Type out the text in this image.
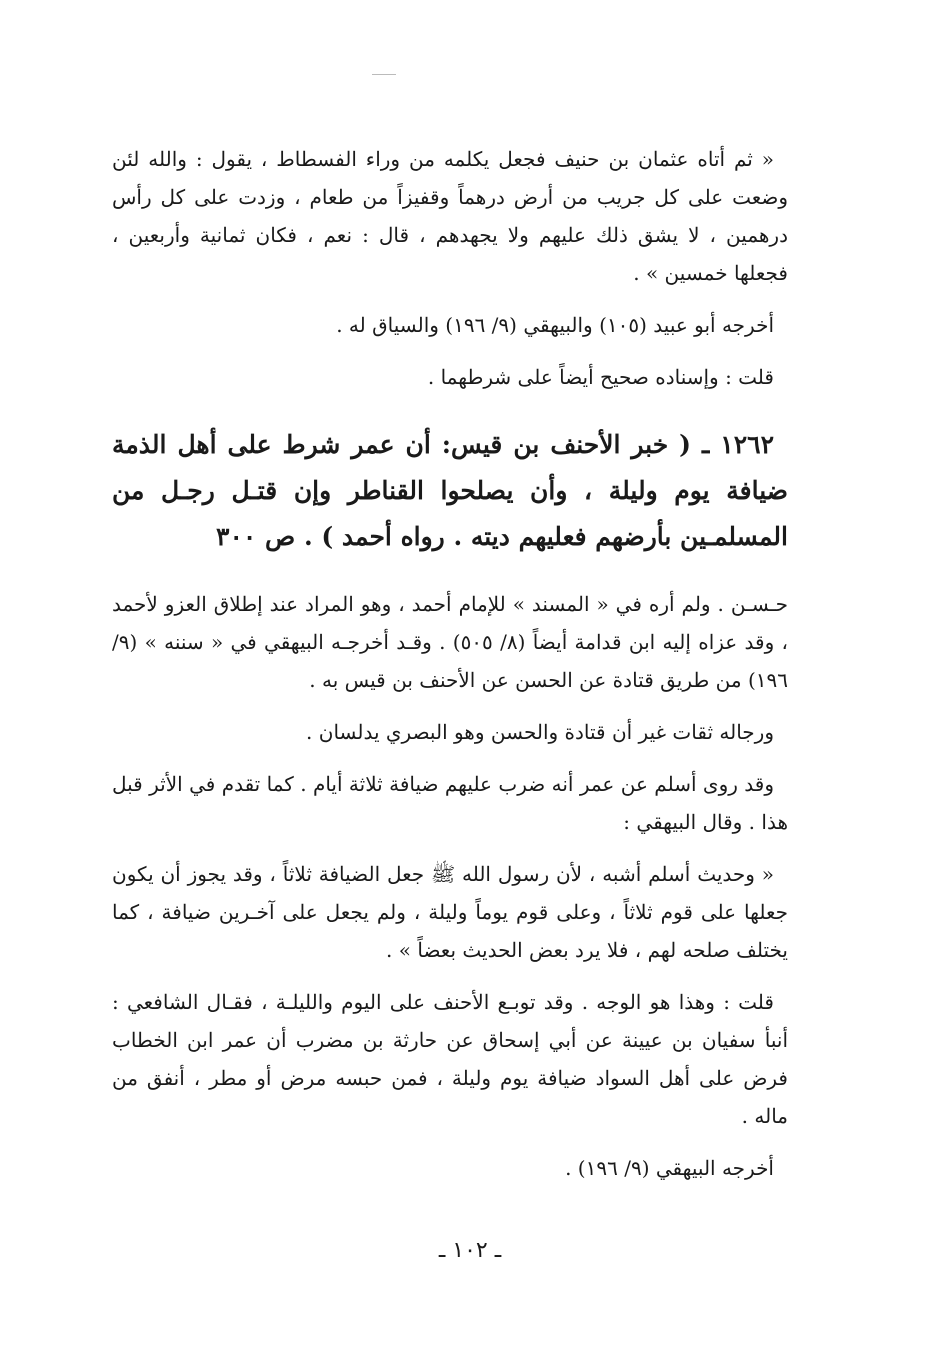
« ثم أتاه عثمان بن حنيف فجعل يكلمه من وراء الفسطاط ، يقول : والله لئن وضعت على كل جريب من أرض درهماً وقفيزاً من طعام ، وزدت على كل رأس درهمين ، لا يشق ذلك عليهم ولا يجهدهم ، قال : نعم ، فكان ثمانية وأربعين ، فجعلها خمسين » .

أخرجه أبو عبيد (١٠٥) والبيهقي (٩/ ١٩٦) والسياق له .

قلت : وإسناده صحيح أيضاً على شرطهما .

١٢٦٢ ـ ( خبر الأحنف بن قيس: أن عمر شرط على أهل الذمة ضيافة يوم وليلة ، وأن يصلحوا القناطر وإن قتـل رجـل من المسلمـين بأرضهم فعليهم ديته . رواه أحمد ) . ص ٣٠٠

حـسـن . ولم أره في « المسند » للإمام أحمد ، وهو المراد عند إطلاق العزو لأحمد ، وقد عزاه إليه ابن قدامة أيضاً (٨/ ٥٠٥) . وقـد أخرجـه البيهقي في « سننه » (٩/ ١٩٦) من طريق قتادة عن الحسن عن الأحنف بن قيس به .

ورجاله ثقات غير أن قتادة والحسن وهو البصري يدلسان .

وقد روى أسلم عن عمر أنه ضرب عليهم ضيافة ثلاثة أيام . كما تقدم في الأثر قبل هذا . وقال البيهقي :

« وحديث أسلم أشبه ، لأن رسول الله ﷺ جعل الضيافة ثلاثاً ، وقد يجوز أن يكون جعلها على قوم ثلاثاً ، وعلى قوم يوماً وليلة ، ولم يجعل على آخـرين ضيافة ، كما يختلف صلحه لهم ، فلا يرد بعض الحديث بعضاً » .

قلت : وهذا هو الوجه . وقد توبـع الأحنف على اليوم والليلـة ، فقـال الشافعي : أنبأ سفيان بن عيينة عن أبي إسحاق عن حارثة بن مضرب أن عمر ابن الخطاب فرض على أهل السواد ضيافة يوم وليلة ، فمن حبسه مرض أو مطر ، أنفق من ماله .

أخرجه البيهقي (٩/ ١٩٦) .

ـ ١٠٢ ـ
